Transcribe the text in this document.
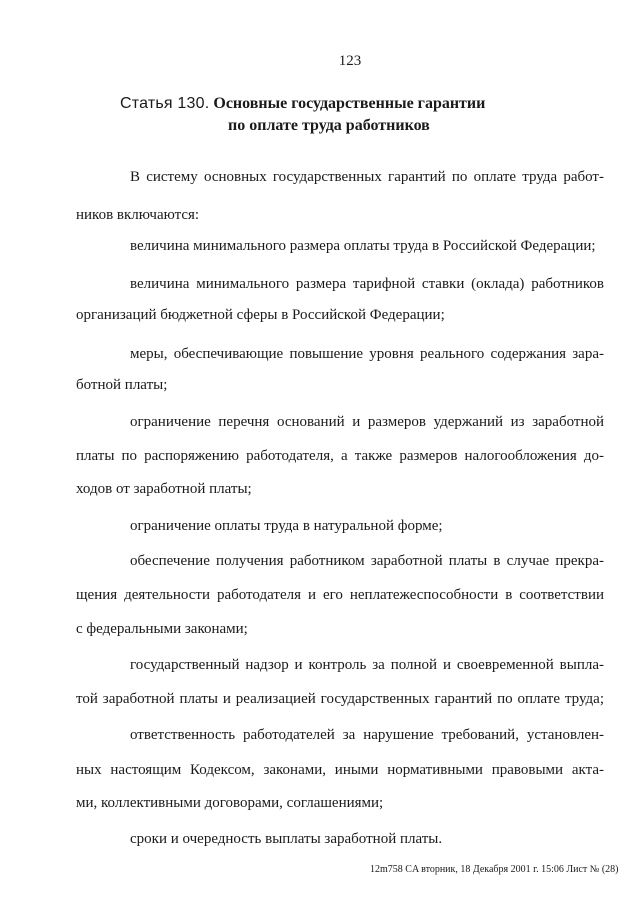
123
Статья 130. Основные государственные гарантии
по оплате труда работников
В систему основных государственных гарантий по оплате труда работ-
ников включаются:
величина минимального размера оплаты труда в Российской Федерации;
величина минимального размера тарифной ставки (оклада) работников
организаций бюджетной сферы в Российской Федерации;
меры, обеспечивающие повышение уровня реального содержания зара-
ботной платы;
ограничение перечня оснований и размеров удержаний из заработной
платы по распоряжению работодателя, а также размеров налогообложения до-
ходов от заработной платы;
ограничение оплаты труда в натуральной форме;
обеспечение получения работником заработной платы в случае прекра-
щения деятельности работодателя и его неплатежеспособности в соответствии
с федеральными законами;
государственный надзор и контроль за полной и своевременной выпла-
той заработной платы и реализацией государственных гарантий по оплате труда;
ответственность работодателей за нарушение требований, установлен-
ных настоящим Кодексом, законами, иными нормативными правовыми акта-
ми, коллективными договорами, соглашениями;
сроки и очередность выплаты заработной платы.
12m758 CA вторник, 18 Декабря 2001 г. 15:06 Лист № (28)
